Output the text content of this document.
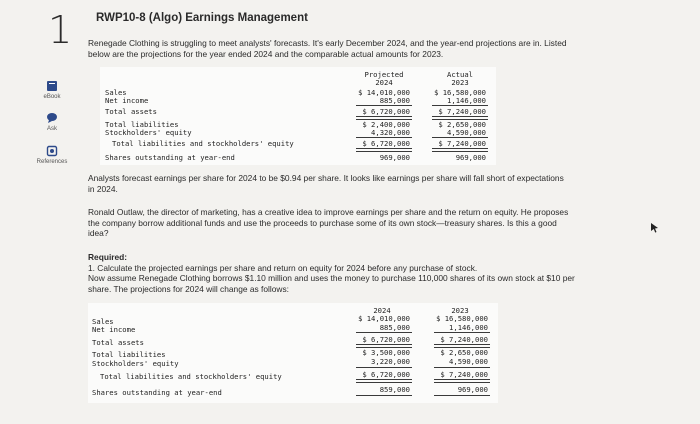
1 RWP10-8 (Algo) Earnings Management
eBook
Ask
References
Renegade Clothing is struggling to meet analysts' forecasts. It's early December 2024, and the year-end projections are in. Listed
below are the projections for the year ended 2024 and the comparable actual amounts for 2023.
Projected
2024
Actual
2023
Sales	$ 14,010,000	$ 16,580,000
Net income	885,000	1,146,000
Total assets	$ 6,720,000	$ 7,240,000
Total liabilities	$ 2,400,000	$ 2,650,000
Stockholders' equity	4,320,000	4,590,000
Total liabilities and stockholders' equity	$ 6,720,000	$ 7,240,000
Shares outstanding at year-end	969,000	969,000
Analysts forecast earnings per share for 2024 to be $0.94 per share. It looks like earnings per share will fall short of expectations
in 2024.
Ronald Outlaw, the director of marketing, has a creative idea to improve earnings per share and the return on equity. He proposes
the company borrow additional funds and use the proceeds to purchase some of its own stock—treasury shares. Is this a good
idea?
Required:
1. Calculate the projected earnings per share and return on equity for 2024 before any purchase of stock.
Now assume Renegade Clothing borrows $1.10 million and uses the money to purchase 110,000 shares of its own stock at $10 per
share. The projections for 2024 will change as follows:
2024	2023
Sales	$ 14,010,000	$ 16,580,000
Net income	885,000	1,146,000
Total assets	$ 6,720,000	$ 7,240,000
Total liabilities	$ 3,500,000	$ 2,650,000
Stockholders' equity	3,220,000	4,590,000
Total liabilities and stockholders' equity	$ 6,720,000	$ 7,240,000
Shares outstanding at year-end	859,000	969,000
